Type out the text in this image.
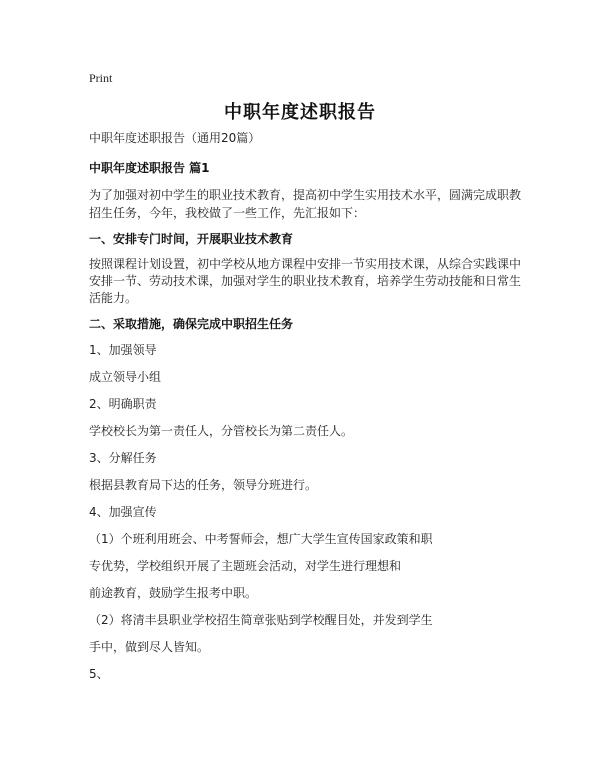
Print
中职年度述职报告
中职年度述职报告（通用20篇）
中职年度述职报告 篇1
为了加强对初中学生的职业技术教育，提高初中学生实用技术水平，圆满完成职教
招生任务，今年，我校做了一些工作，先汇报如下：
一、安排专门时间，开展职业技术教育
按照课程计划设置，初中学校从地方课程中安排一节实用技术课，从综合实践课中
安排一节、劳动技术课，加强对学生的职业技术教育，培养学生劳动技能和日常生
活能力。
二、采取措施，确保完成中职招生任务
1、加强领导
成立领导小组
2、明确职责
学校校长为第一责任人，分管校长为第二责任人。
3、分解任务
根据县教育局下达的任务，领导分班进行。
4、加强宣传
（1）个班利用班会、中考誓师会，想广大学生宣传国家政策和职
专优势，学校组织开展了主题班会活动，对学生进行理想和
前途教育，鼓励学生报考中职。
（2）将清丰县职业学校招生简章张贴到学校醒目处，并发到学生
手中，做到尽人皆知。
5、
